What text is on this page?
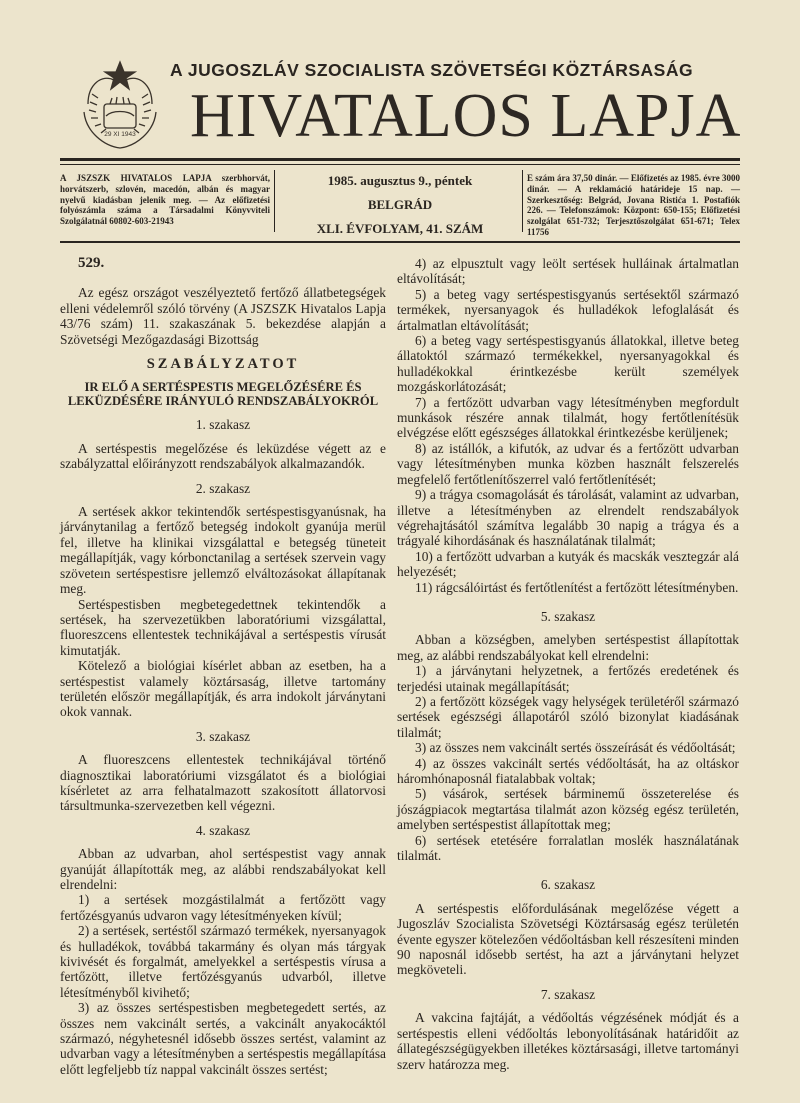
29 XI 1943
A JUGOSZLÁV SZOCIALISTA SZÖVETSÉGI KÖZTÁRSASÁG
HIVATALOS LAPJA
A JSZSZK HIVATALOS LAPJA szerbhorvát, horvátszerb, szlovén, macedón, albán és magyar nyelvű kiadásban jelenik meg. — Az előfizetési folyószámla száma a Társadalmi Könyvviteli Szolgálatnál 60802-603-21943
1985. augusztus 9., péntek
BELGRÁD
XLI. ÉVFOLYAM, 41. SZÁM
E szám ára 37,50 dinár. — Előfizetés az 1985. évre 3000 dinár. — A reklamáció határideje 15 nap. — Szerkesztőség: Belgrád, Jovana Ristića 1. Postafiók 226. — Telefonszámok: Központ: 650-155; Előfizetési szolgálat 651-732; Terjesztőszolgálat 651-671; Telex 11756
529.

Az egész országot veszélyeztető fertőző állatbetegségek elleni védelemről szóló törvény (A JSZSZK Hivatalos Lapja 43/76 szám) 11. szakaszának 5. bekezdése alapján a Szövetségi Mezőgazdasági Bizottság

SZABÁLYZATOT
IR ELŐ A SERTÉSPESTIS MEGELŐZÉSÉRE ÉS LEKÜZDÉSÉRE IRÁNYULÓ RENDSZABÁLYOKRÓL
1. szakasz

A sertéspestis megelőzése és leküzdése végett az e szabályzattal előirányzott rendszabályok alkalmazandók.

2. szakasz

A sertések akkor tekintendők sertéspestisgyanúsnak, ha járványtanilag a fertőző betegség indokolt gyanúja merül fel, illetve ha klinikai vizsgálattal e betegség tüneteit megállapítják, vagy kórbonctanilag a sertések szervein vagy szöveteın sertéspestisre jellemző elváltozásokat állapítanak meg.

Sertéspestisben megbetegedettnek tekintendők a sertések, ha szervezetükben laboratóriumi vizsgálattal, fluoreszcens ellentestek technikájával a sertéspestis vírusát kimutatják.

Kötelező a biológiai kísérlet abban az esetben, ha a sertéspestist valamely köztársaság, illetve tartomány területén először megállapítják, és arra indokolt járványtani okok vannak.

3. szakasz

A fluoreszcens ellentestek technikájával történő diagnosztikai laboratóriumi vizsgálatot és a biológiai kísérletet az arra felhatalmazott szakosított állatorvosi társultmunka-szervezetben kell végezni.

4. szakasz

Abban az udvarban, ahol sertéspestist vagy annak gyanúját állapították meg, az alábbi rendszabályokat kell elrendelni:

1) a sertések mozgástilalmát a fertőzött vagy fertőzésgyanús udvaron vagy létesítményeken kívül;

2) a sertések, sertéstől származó termékek, nyersanyagok és hulladékok, továbbá takarmány és olyan más tárgyak kivivését és forgalmát, amelyekkel a sertéspestis vírusa a fertőzött, illetve fertőzésgyanús udvarból, illetve létesítményből kivihető;

3) az összes sertéspestisben megbetegedett sertés, az összes nem vakcinált sertés, a vakcinált anyakocáktól származó, négyhetesnél idősebb összes sertést, valamint az udvarban vagy a létesítményben a sertéspestis megállapítása előtt legfeljebb tíz nappal vakcinált összes sertést;

4) az elpusztult vagy leölt sertések hulláinak ártalmatlan eltávolítását;

5) a beteg vagy sertéspestisgyanús sertésektől származó termékek, nyersanyagok és hulladékok lefoglalását és ártalmatlan eltávolítását;

6) a beteg vagy sertéspestisgyanús állatokkal, illetve beteg állatoktól származó termékekkel, nyersanyagokkal és hulladékokkal érintkezésbe került személyek mozgáskorlátozását;

7) a fertőzött udvarban vagy létesítményben megfordult munkások részére annak tilalmát, hogy fertőtlenítésük elvégzése előtt egészséges állatokkal érintkezésbe kerüljenek;

8) az istállók, a kifutók, az udvar és a fertőzött udvarban vagy létesítményben munka közben használt felszerelés megfelelő fertőtlenítőszerrel való fertőtlenítését;

9) a trágya csomagolását és tárolását, valamint az udvarban, illetve a létesítményben az elrendelt rendszabályok végrehajtásától számítva legalább 30 napig a trágya és a trágyalé kihordásának és használatának tilalmát;

10) a fertőzött udvarban a kutyák és macskák vesztegzár alá helyezését;

11) rágcsálóirtást és fertőtlenítést a fertőzött létesítményben.

5. szakasz

Abban a községben, amelyben sertéspestist állapítottak meg, az alábbi rendszabályokat kell elrendelni:

1) a járványtani helyzetnek, a fertőzés eredetének és terjedési utainak megállapítását;

2) a fertőzött községek vagy helységek területéről származó sertések egészségi állapotáról szóló bizonylat kiadásának tilalmát;

3) az összes nem vakcinált sertés összeírását és védőoltását;

4) az összes vakcinált sertés védőoltását, ha az oltáskor háromhónaposnál fiatalabbak voltak;

5) vásárok, sertések bárminemű összeterelése és jószágpiacok megtartása tilalmát azon község egész területén, amelyben sertéspestist állapítottak meg;

6) sertések etetésére forralatlan moslék használatának tilalmát.

6. szakasz

A sertéspestis előfordulásának megelőzése végett a Jugoszláv Szocialista Szövetségi Köztársaság egész területén évente egyszer kötelezően védőoltásban kell részesíteni minden 90 naposnál idősebb sertést, ha azt a járványtani helyzet megköveteli.

7. szakasz

A vakcina fajtáját, a védőoltás végzésének módját és a sertéspestis elleni védőoltás lebonyolításának határidőit az állategészségügyekben illetékes köztársasági, illetve tartományi szerv határozza meg.
